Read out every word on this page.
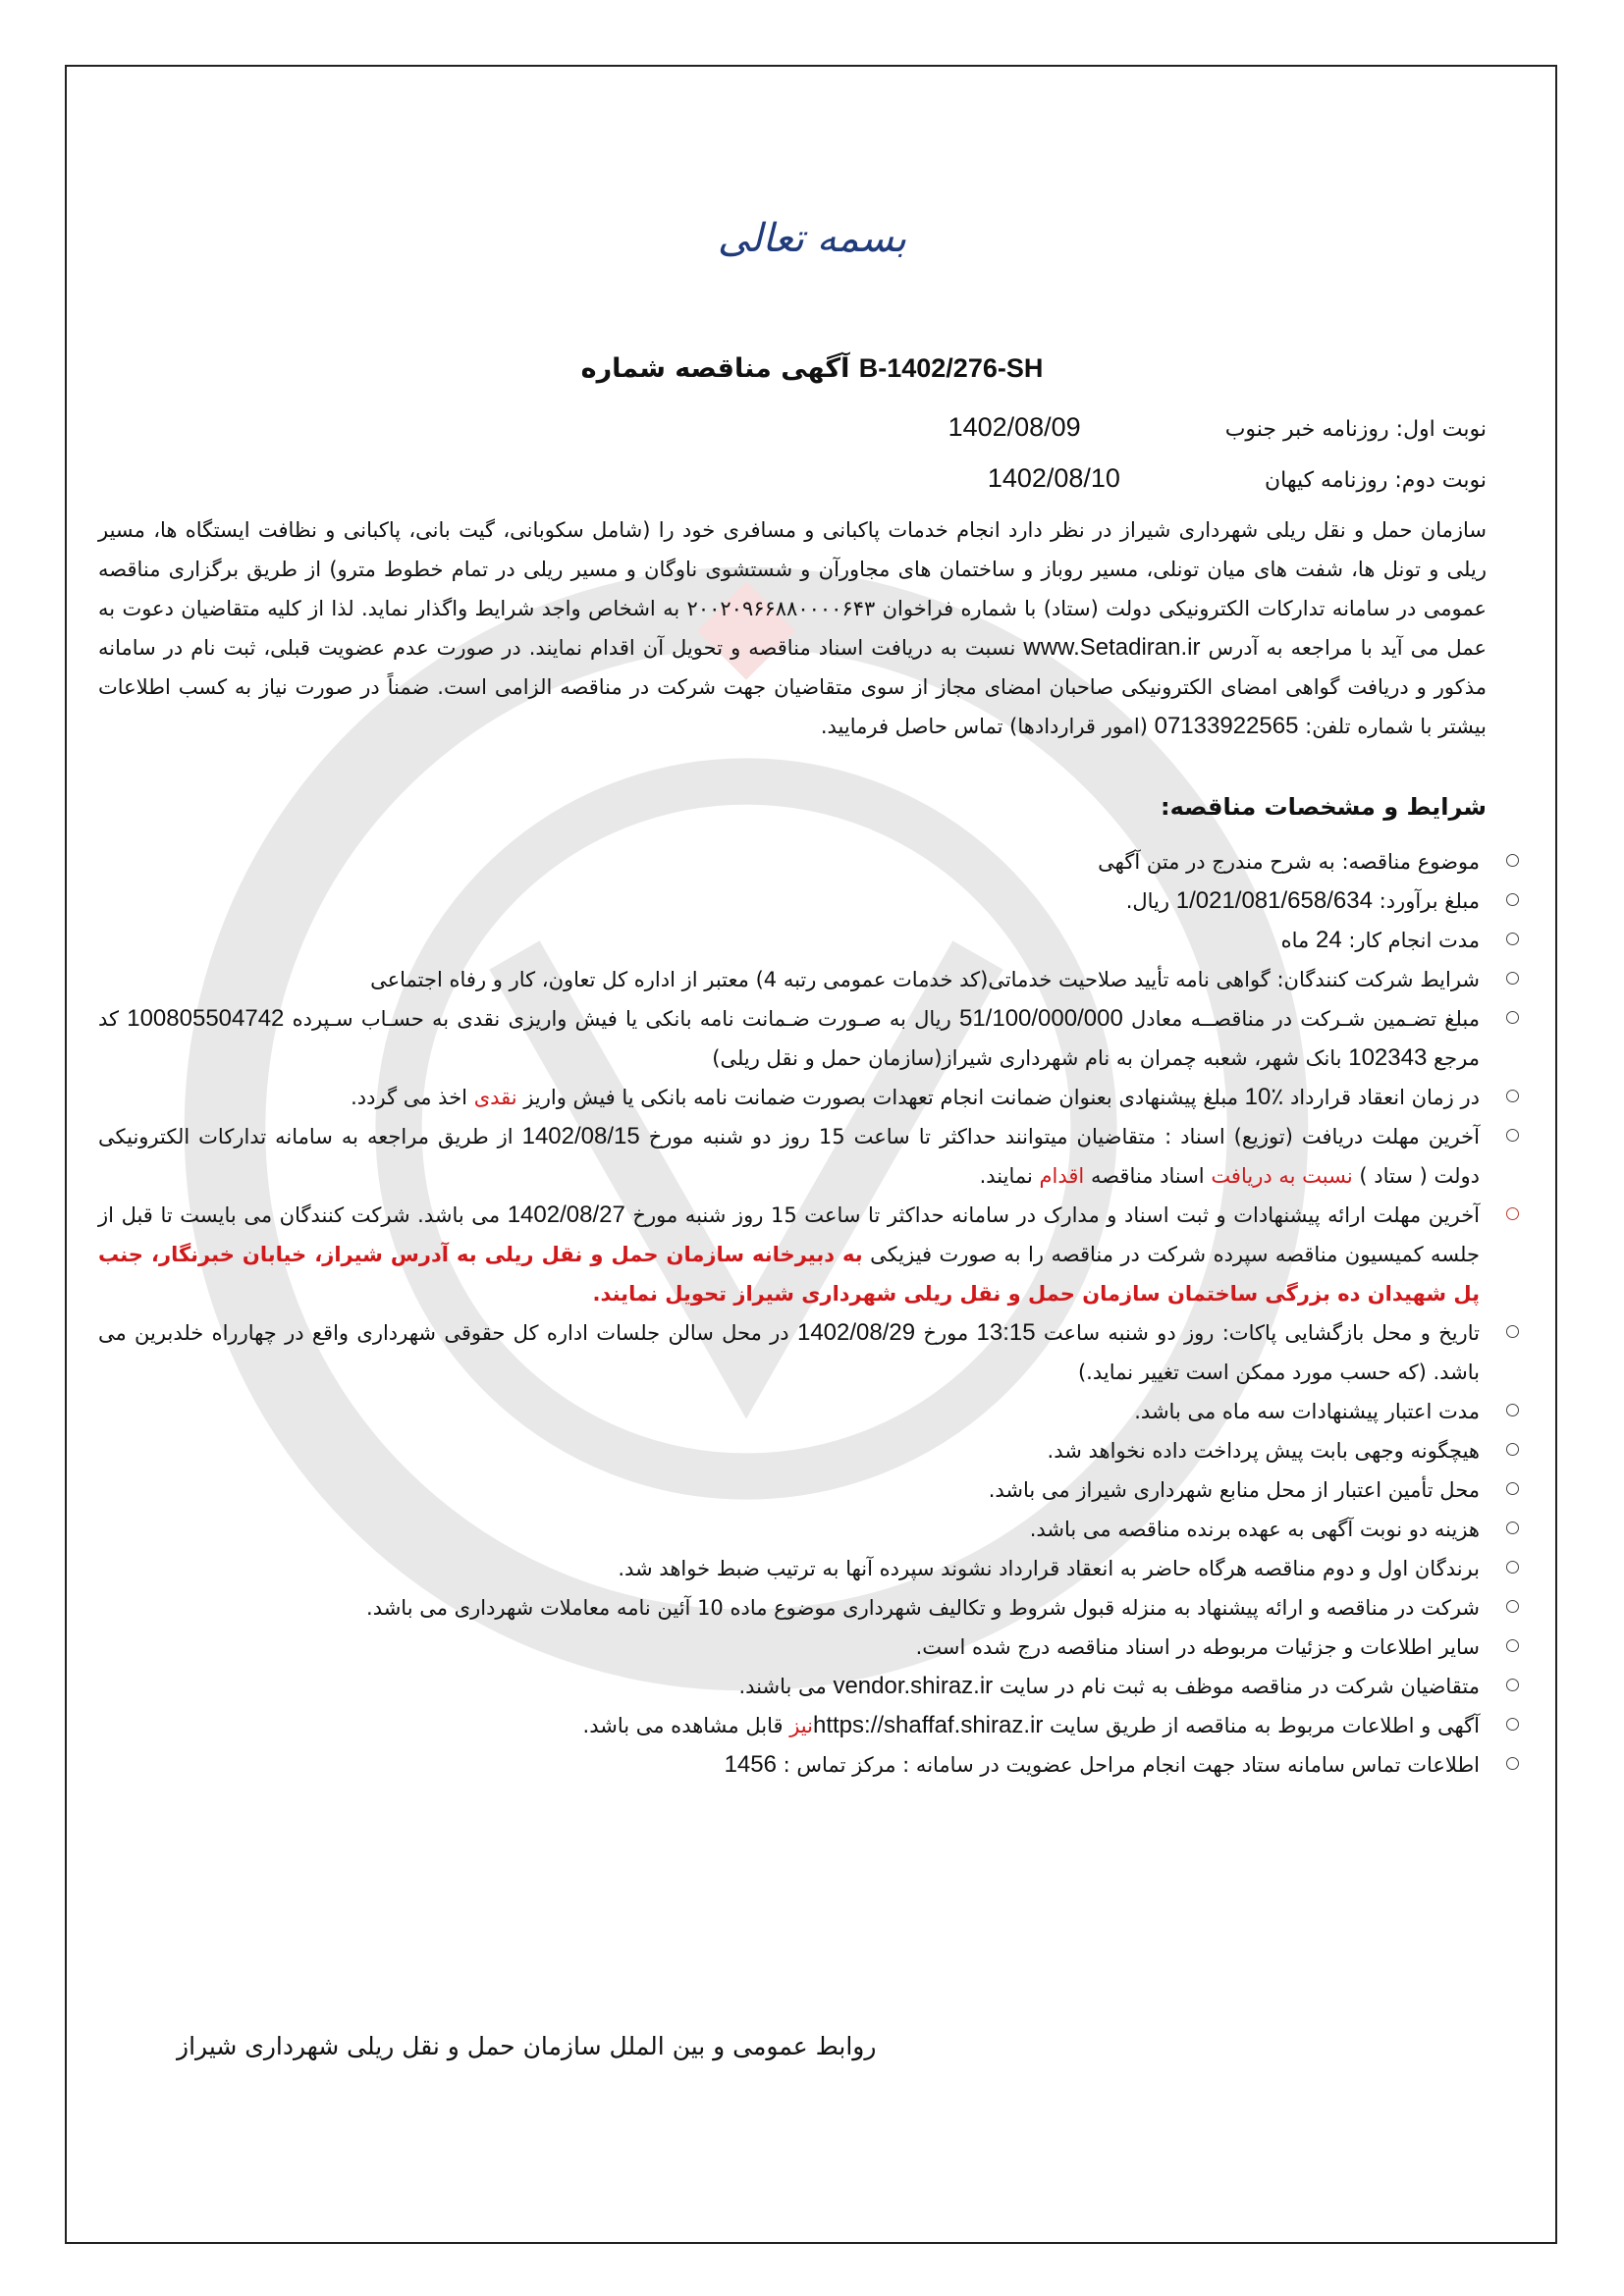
بسمه تعالی
آگهی مناقصه شماره B-1402/276-SH
نوبت اول: روزنامه خبر جنوب 1402/08/09
نوبت دوم: روزنامه کیهان 1402/08/10
سازمان حمل و نقل ریلی شهرداری شیراز در نظر دارد انجام خدمات پاکبانی و مسافری خود را (شامل سکوبانی، گیت بانی، پاکبانی و نظافت ایستگاه ها، مسیر ریلی و تونل ها، شفت های میان تونلی، مسیر روباز و ساختمان های مجاورآن و شستشوی ناوگان و مسیر ریلی در تمام خطوط مترو) از طریق برگزاری مناقصه عمومی در سامانه تدارکات الکترونیکی دولت (ستاد) با شماره فراخوان ۲۰۰۲۰۹۶۶۸۸۰۰۰۰۶۴۳ به اشخاص واجد شرایط واگذار نماید. لذا از کلیه متقاضیان دعوت به عمل می آید با مراجعه به آدرس www.Setadiran.ir نسبت به دریافت اسناد مناقصه و تحویل آن اقدام نمایند. در صورت عدم عضویت قبلی، ثبت نام در سامانه مذکور و دریافت گواهی امضای الکترونیکی صاحبان امضای مجاز از سوی متقاضیان جهت شرکت در مناقصه الزامی است. ضمناً در صورت نیاز به کسب اطلاعات بیشتر با شماره تلفن: 07133922565 (امور قراردادها) تماس حاصل فرمایید.
شرایط و مشخصات مناقصه:
موضوع مناقصه: به شرح مندرج در متن آگهی
مبلغ برآورد: 1/021/081/658/634 ریال.
مدت انجام کار: 24 ماه
شرایط شرکت کنندگان: گواهی نامه تأیید صلاحیت خدماتی(کد خدمات عمومی رتبه 4) معتبر از اداره کل تعاون، کار و رفاه اجتماعی
مبلغ تضـمین شـرکت در مناقصــه معادل 51/100/000/000 ریال به صـورت ضـمانت نامه بانکی یا فیش واریزی نقدی به حسـاب سـپرده 100805504742 کد مرجع 102343 بانک شهر، شعبه چمران به نام شهرداری شیراز(سازمان حمل و نقل ریلی)
در زمان انعقاد قرارداد 10٪ مبلغ پیشنهادی بعنوان ضمانت انجام تعهدات بصورت ضمانت نامه بانکی یا فیش واریز نقدی اخذ می گردد.
آخرین مهلت دریافت (توزیع) اسناد : متقاضیان میتوانند حداکثر تا ساعت 15 روز دو شنبه مورخ 1402/08/15 از طریق مراجعه به سامانه تدارکات الکترونیکی دولت ( ستاد ) نسبت به دریافت اسناد مناقصه اقدام نمایند.
آخرین مهلت ارائه پیشنهادات و ثبت اسناد و مدارک در سامانه حداکثر تا ساعت 15 روز شنبه مورخ 1402/08/27 می باشد. شرکت کنندگان می بایست تا قبل از جلسه کمیسیون مناقصه سپرده شرکت در مناقصه را به صورت فیزیکی به دبیرخانه سازمان حمل و نقل ریلی به آدرس شیراز، خیابان خبرنگار، جنب پل شهیدان ده بزرگی ساختمان سازمان حمل و نقل ریلی شهرداری شیراز تحویل نمایند.
تاریخ و محل بازگشایی پاکات: روز دو شنبه ساعت 13:15 مورخ 1402/08/29 در محل سالن جلسات اداره کل حقوقی شهرداری واقع در چهارراه خلدبرین می باشد. (که حسب مورد ممکن است تغییر نماید.)
مدت اعتبار پیشنهادات سه ماه می باشد.
هیچگونه وجهی بابت پیش پرداخت داده نخواهد شد.
محل تأمین اعتبار از محل منابع شهرداری شیراز می باشد.
هزینه دو نوبت آگهی به عهده برنده مناقصه می باشد.
برندگان اول و دوم مناقصه هرگاه حاضر به انعقاد قرارداد نشوند سپرده آنها به ترتیب ضبط خواهد شد.
شرکت در مناقصه و ارائه پیشنهاد به منزله قبول شروط و تکالیف شهرداری موضوع ماده 10 آئین نامه معاملات شهرداری می باشد.
سایر اطلاعات و جزئیات مربوطه در اسناد مناقصه درج شده است.
متقاضیان شرکت در مناقصه موظف به ثبت نام در سایت vendor.shiraz.ir می باشند.
آگهی و اطلاعات مربوط به مناقصه از طریق سایت https://shaffaf.shiraz.irنیز قابل مشاهده می باشد.
اطلاعات تماس سامانه ستاد جهت انجام مراحل عضویت در سامانه : مرکز تماس : 1456
روابط عمومی و بین الملل سازمان حمل و نقل ریلی شهرداری شیراز
